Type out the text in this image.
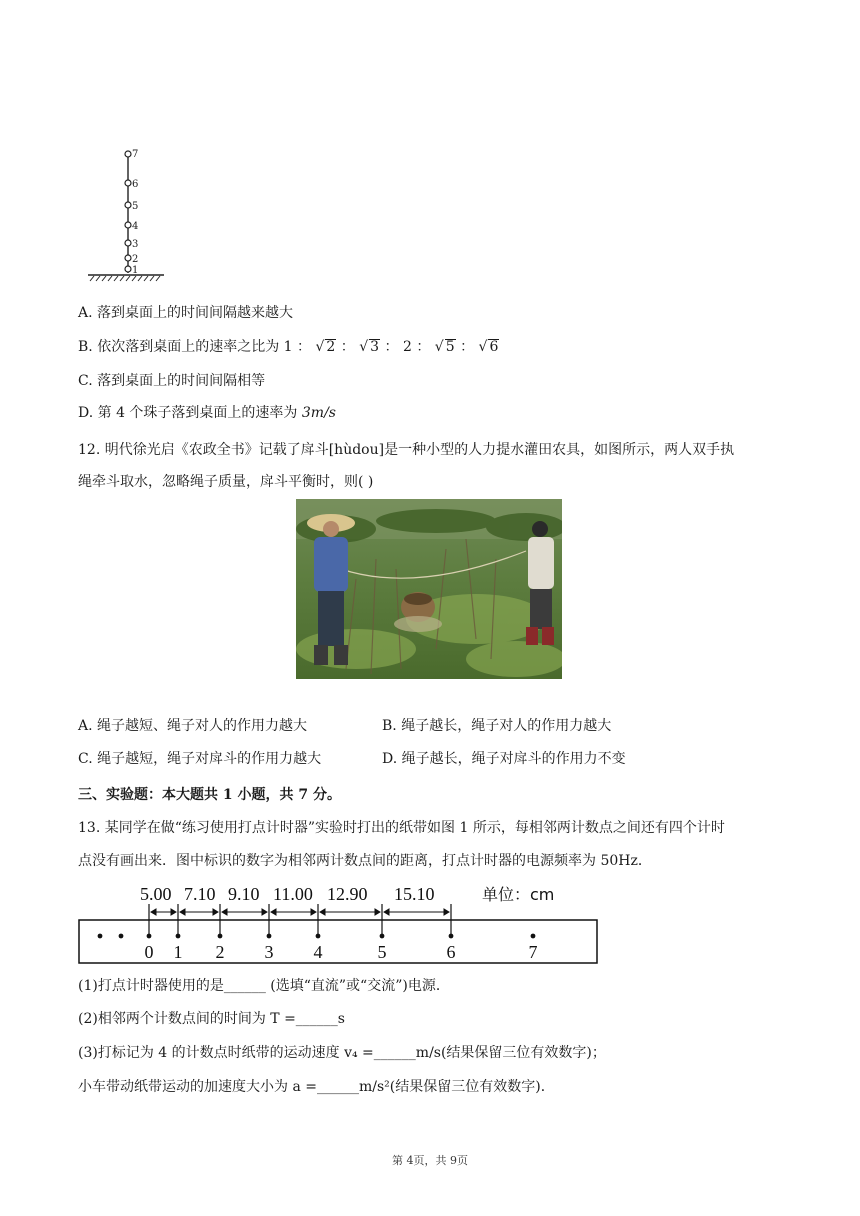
7
6
5
4
3
2
1
A. 落到桌面上的时间间隔越来越大
B. 依次落到桌面上的速率之比为 1 ： √ 2 ： √ 3 ： 2 ： √ 5 ： √ 6
C. 落到桌面上的时间间隔相等
D. 第 4 个珠子落到桌面上的速率为 3m/s
12. 明代徐光启《农政全书》记载了戽斗[hùdou]是一种小型的人力提水灌田农具，如图所示，两人双手执
绳牵斗取水，忽略绳子质量，戽斗平衡时，则( )
A. 绳子越短、绳子对人的作用力越大	B. 绳子越长，绳子对人的作用力越大
C. 绳子越短，绳子对戽斗的作用力越大	D. 绳子越长，绳子对戽斗的作用力不变
三、实验题：本大题共 1 小题，共 7 分。
13. 某同学在做“练习使用打点计时器”实验时打出的纸带如图 1 所示，每相邻两计数点之间还有四个计时
点没有画出来．图中标识的数字为相邻两计数点间的距离，打点计时器的电源频率为 50Hz．
5.00 7.10 9.10 11.00 12.90 15.10	单位：cm
0 1 2 3 4	5	6	7
(1)打点计时器使用的是______ (选填“直流”或“交流”)电源．
(2)相邻两个计数点间的时间为 T =______s
(3)打标记为 4 的计数点时纸带的运动速度 v₄ =______m/s(结果保留三位有效数字)；
小车带动纸带运动的加速度大小为 a =______m/s²(结果保留三位有效数字)．
第 4页，共 9页
